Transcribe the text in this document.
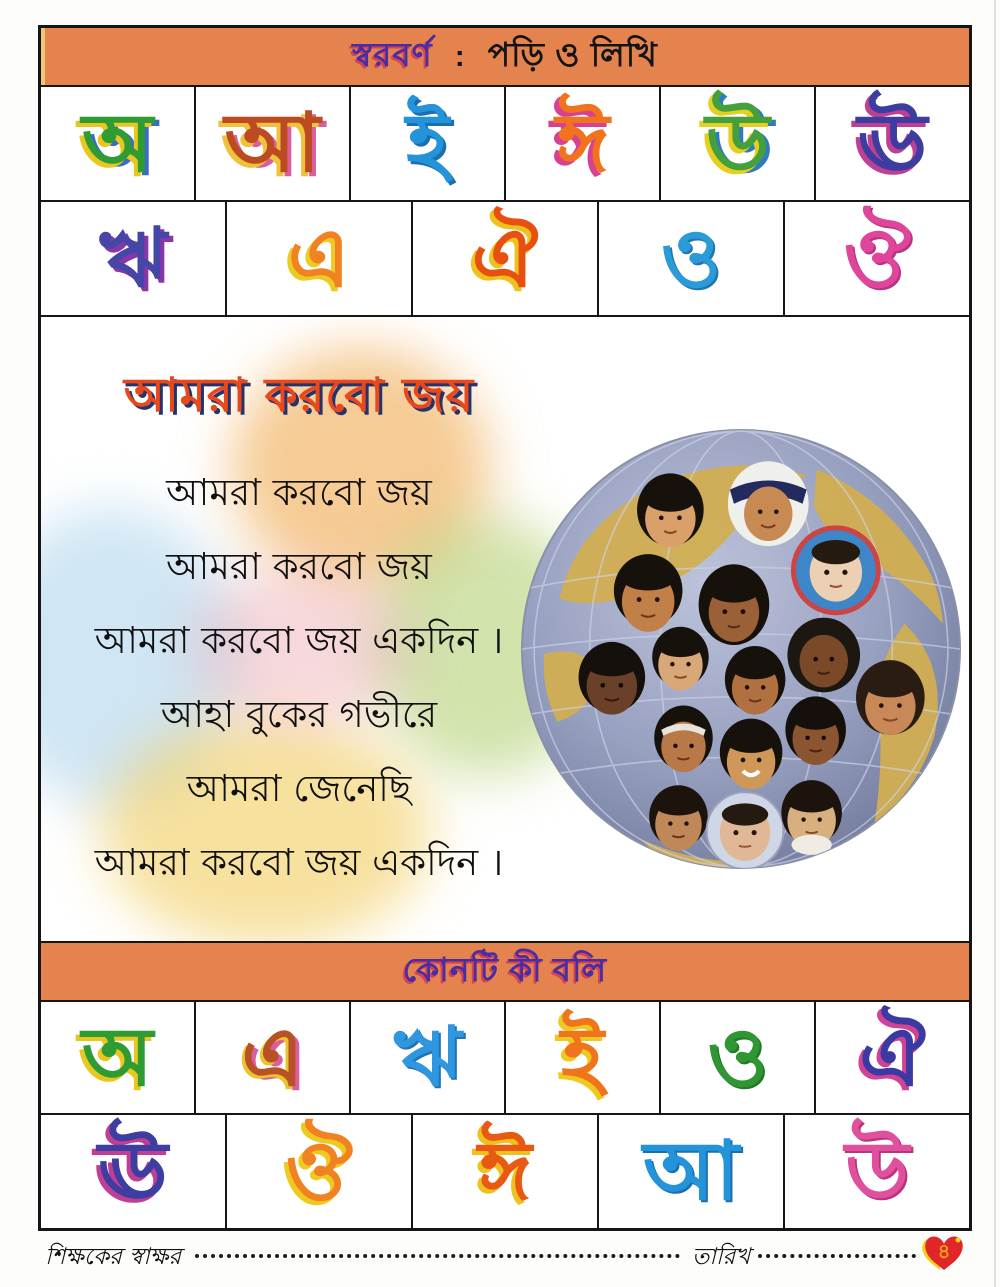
স্বরবর্ণ : পড়ি ও লিখি
অ আ ই ঈ উ ঊ
ঋ এ ঐ ও ঔ
আমরা করবো জয়
আমরা করবো জয়
আমরা করবো জয়
আমরা করবো জয় একদিন ।
আহা বুকের গভীরে
আমরা জেনেছি
আমরা করবো জয় একদিন ।
কোনটি কী বলি
অ এ ঋ ই ও ঐ
ঊ ঔ ঈ আ উ
শিক্ষকের স্বাক্ষর	তারিখ	৪
